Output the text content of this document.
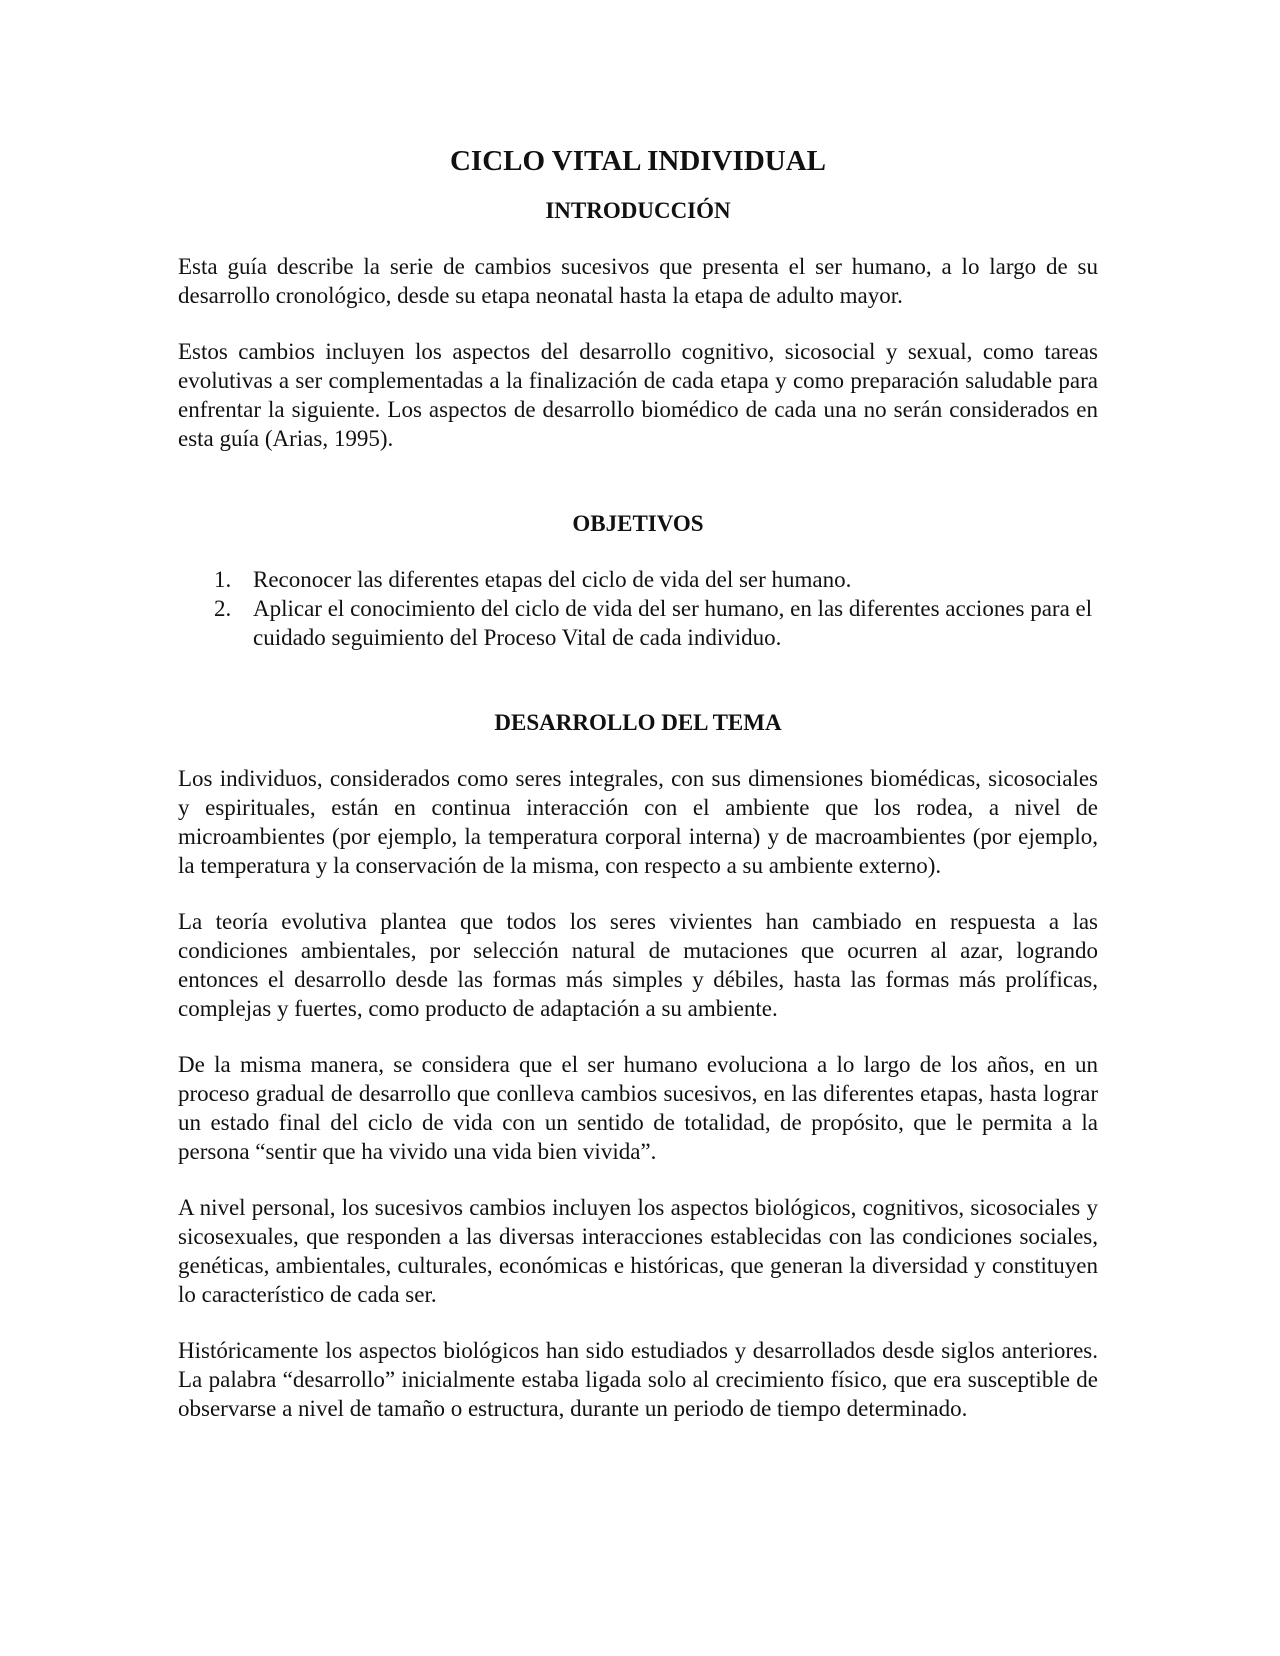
CICLO VITAL INDIVIDUAL
INTRODUCCIÓN

Esta guía describe la serie de cambios sucesivos que presenta el ser humano, a lo largo de su desarrollo cronológico, desde su etapa neonatal hasta la etapa de adulto mayor.

Estos cambios incluyen los aspectos del desarrollo cognitivo, sicosocial y sexual, como tareas evolutivas a ser complementadas a la finalización de cada etapa y como preparación saludable para enfrentar la siguiente. Los aspectos de desarrollo biomédico de cada una no serán considerados en esta guía (Arias, 1995).

OBJETIVOS
1. Reconocer las diferentes etapas del ciclo de vida del ser humano.
2. Aplicar el conocimiento del ciclo de vida del ser humano, en las diferentes acciones para el cuidado seguimiento del Proceso Vital de cada individuo.
DESARROLLO DEL TEMA

Los individuos, considerados como seres integrales, con sus dimensiones biomédicas, sicosociales y espirituales, están en continua interacción con el ambiente que los rodea, a nivel de microambientes (por ejemplo, la temperatura corporal interna) y de macroambientes (por ejemplo, la temperatura y la conservación de la misma, con respecto a su ambiente externo).

La teoría evolutiva plantea que todos los seres vivientes han cambiado en respuesta a las condiciones ambientales, por selección natural de mutaciones que ocurren al azar, logrando entonces el desarrollo desde las formas más simples y débiles, hasta las formas más prolíficas, complejas y fuertes, como producto de adaptación a su ambiente.

De la misma manera, se considera que el ser humano evoluciona a lo largo de los años, en un proceso gradual de desarrollo que conlleva cambios sucesivos, en las diferentes etapas, hasta lograr un estado final del ciclo de vida con un sentido de totalidad, de propósito, que le permita a la persona “sentir que ha vivido una vida bien vivida”.

A nivel personal, los sucesivos cambios incluyen los aspectos biológicos, cognitivos, sicosociales y sicosexuales, que responden a las diversas interacciones establecidas con las condiciones sociales, genéticas, ambientales, culturales, económicas e históricas, que generan la diversidad y constituyen lo característico de cada ser.

Históricamente los aspectos biológicos han sido estudiados y desarrollados desde siglos anteriores. La palabra “desarrollo” inicialmente estaba ligada solo al crecimiento físico, que era susceptible de observarse a nivel de tamaño o estructura, durante un periodo de tiempo determinado.
